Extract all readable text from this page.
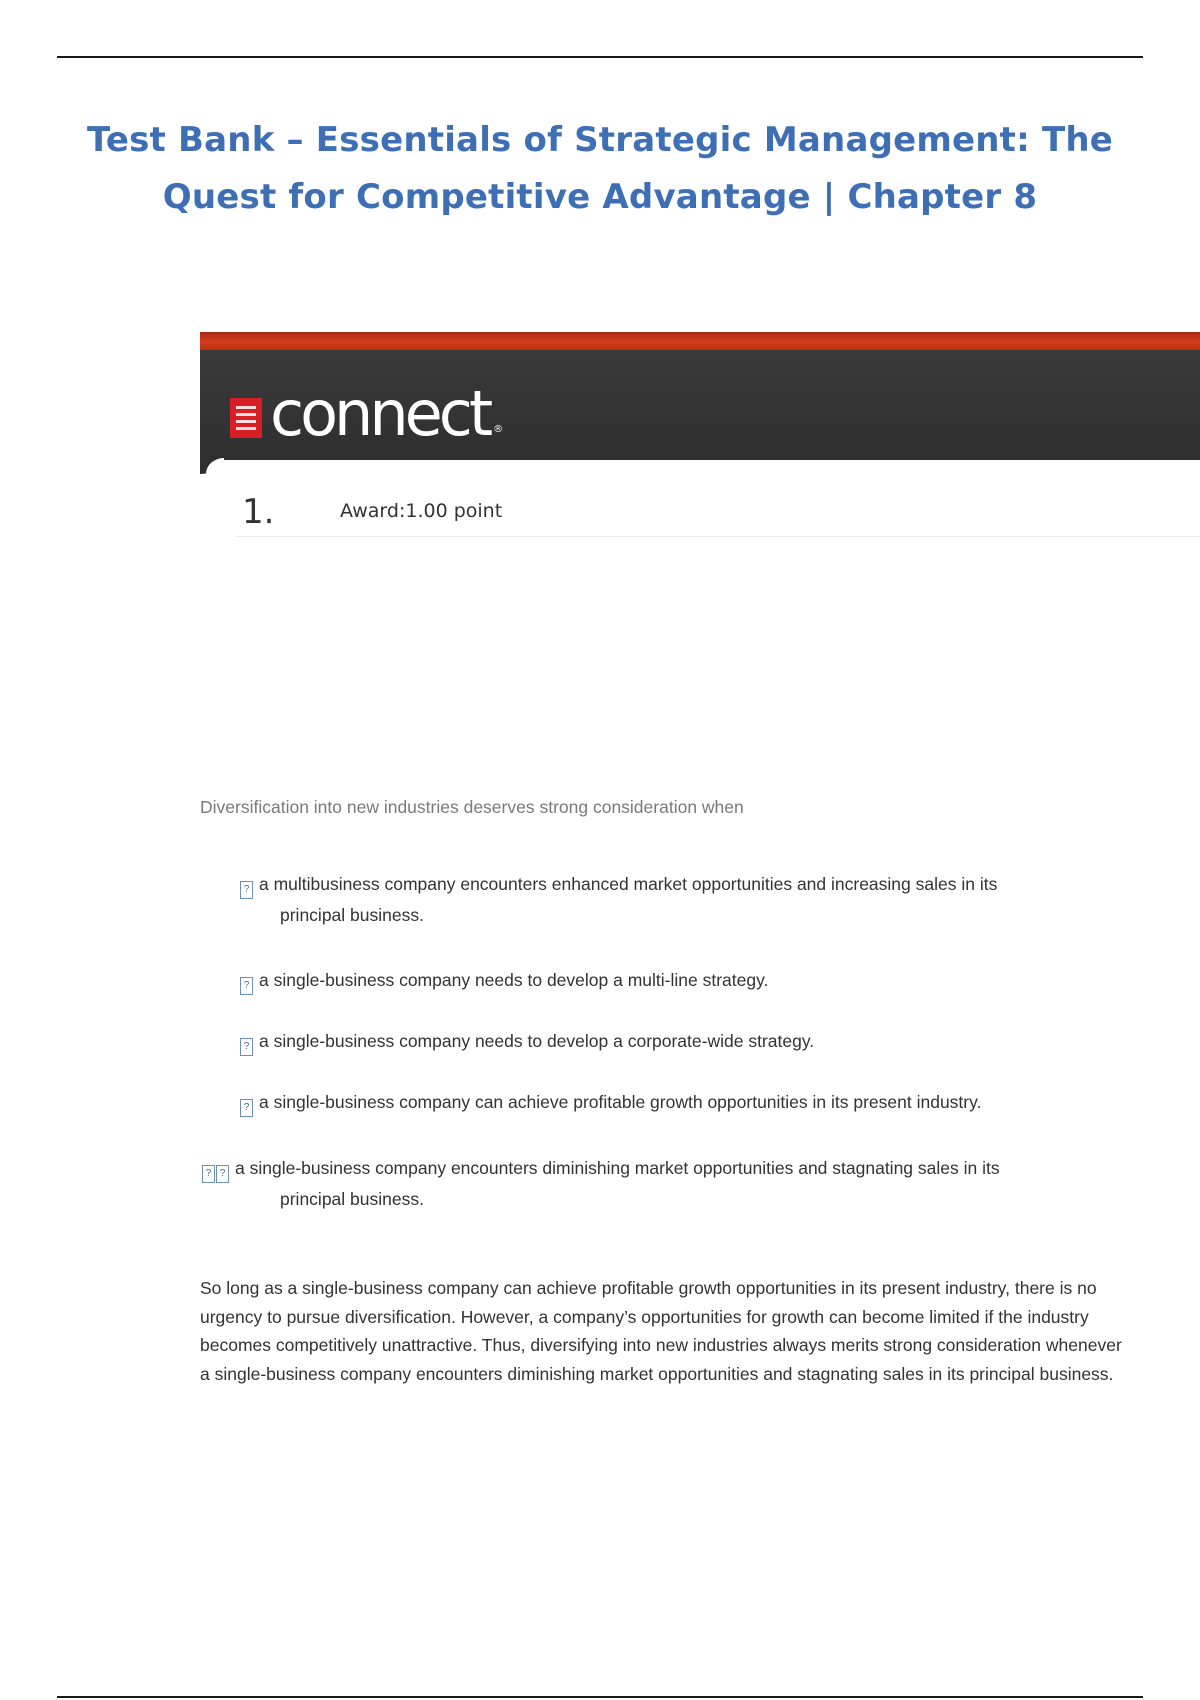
Test Bank – Essentials of Strategic Management: The Quest for Competitive Advantage | Chapter 8
connect ®
1.	Award:1.00 point
Diversification into new industries deserves strong consideration when
? a multibusiness company encounters enhanced market opportunities and increasing sales in its
principal business.
? a single-business company needs to develop a multi-line strategy.
? a single-business company needs to develop a corporate-wide strategy.
? a single-business company can achieve profitable growth opportunities in its present industry.
? ? a single-business company encounters diminishing market opportunities and stagnating sales in its
principal business.

So long as a single-business company can achieve profitable growth opportunities in its present industry, there is no urgency to pursue diversification. However, a company’s opportunities for growth can become limited if the industry becomes competitively unattractive. Thus, diversifying into new industries always merits strong consideration whenever a single-business company encounters diminishing market opportunities and stagnating sales in its principal business.
